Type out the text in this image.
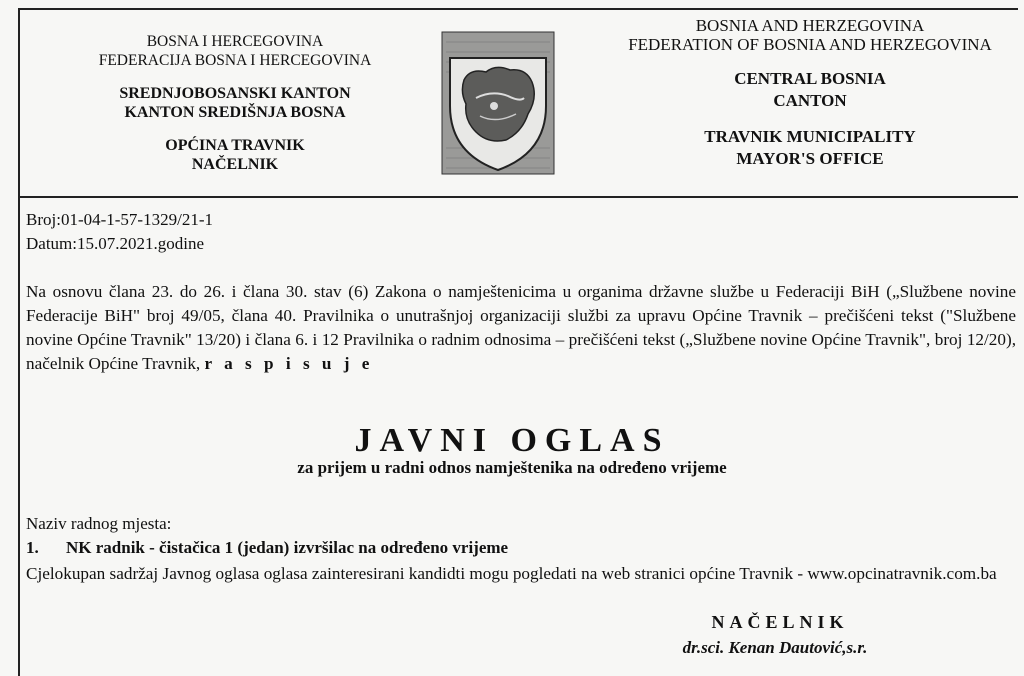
BOSNA I HERCEGOVINA
FEDERACIJA BOSNA I HERCEGOVINA
SREDNJOBOSANSKI KANTON
KANTON SREDIŠNJA BOSNA
OPĆINA TRAVNIK
NAČELNIK
BOSNIA AND HERZEGOVINA
FEDERATION OF BOSNIA AND HERZEGOVINA
CENTRAL BOSNIA
CANTON
TRAVNIK MUNICIPALITY
MAYOR'S OFFICE
Broj:01-04-1-57-1329/21-1
Datum:15.07.2021.godine
Na osnovu člana 23. do 26. i člana 30. stav (6) Zakona o namještenicima u organima državne službe u Federaciji BiH („Službene novine Federacije BiH" broj 49/05, člana 40. Pravilnika o unutrašnjoj organizaciji službi za upravu Općine Travnik – prečišćeni tekst ("Službene novine Općine Travnik" 13/20) i člana 6. i 12 Pravilnika o radnim odnosima – prečišćeni tekst („Službene novine Općine Travnik", broj 12/20), načelnik Općine Travnik, r a s p i s u j e
JAVNI OGLAS
za prijem u radni odnos namještenika na određeno vrijeme
Naziv radnog mjesta:
1. NK radnik - čistačica 1 (jedan) izvršilac na određeno vrijeme
Cjelokupan sadržaj Javnog oglasa oglasa zainteresirani kandidti mogu pogledati na web stranici općine Travnik - www.opcinatravnik.com.ba
NAČELNIK
dr.sci. Kenan Dautović,s.r.
